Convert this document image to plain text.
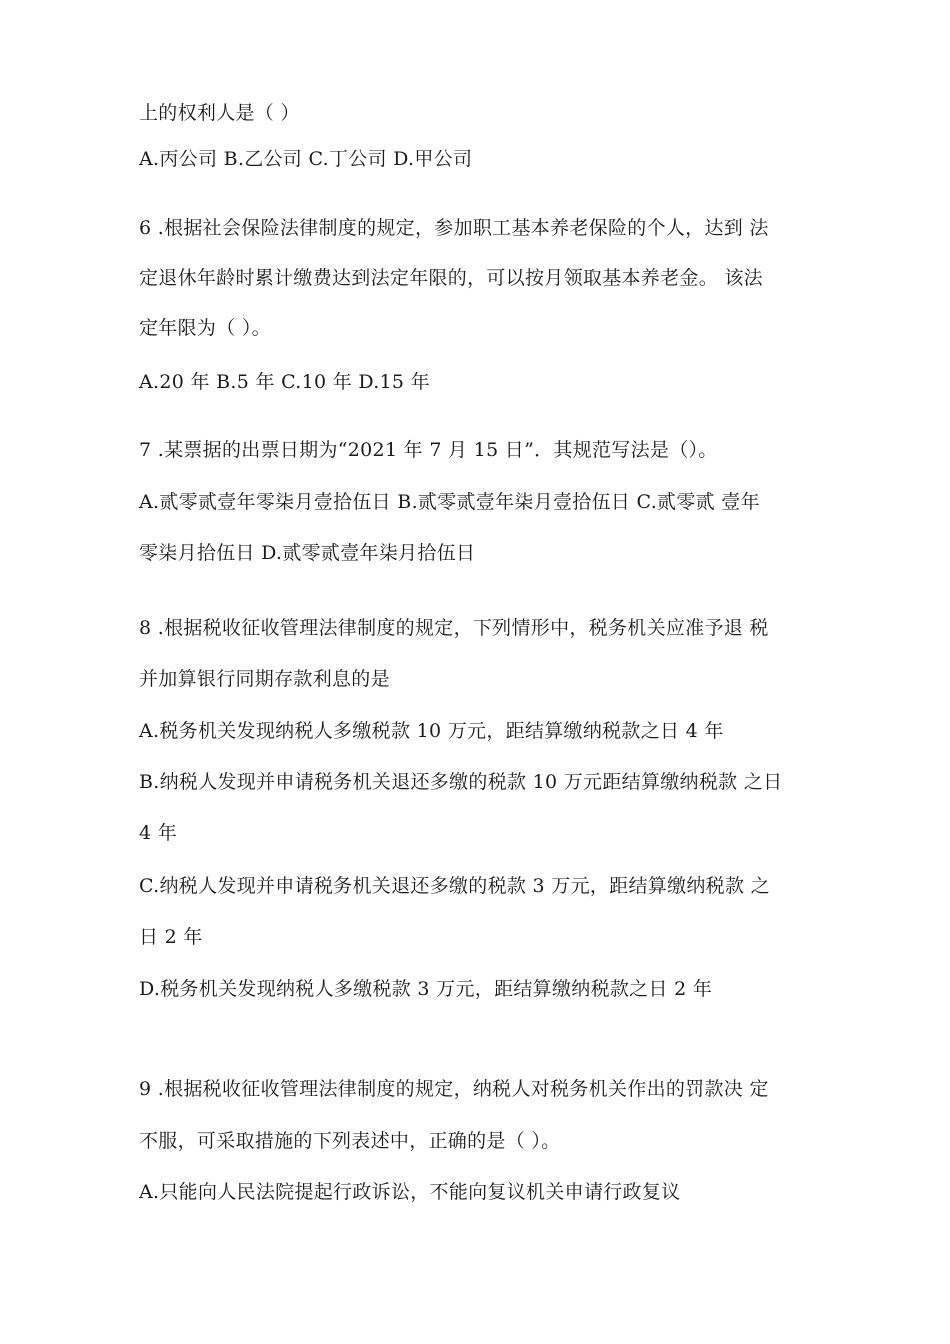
上的权利人是（ ）
A.丙公司 B.乙公司 C.丁公司 D.甲公司
6 .根据社会保险法律制度的规定，参加职工基本养老保险的个人，达到 法
定退休年龄时累计缴费达到法定年限的，可以按月领取基本养老金。 该法
定年限为（ ）。
A.20 年 B.5 年 C.10 年 D.15 年
7 .某票据的出票日期为“2021 年 7 月 15 日”．其规范写法是（）。
A.贰零贰壹年零柒月壹拾伍日 B.贰零贰壹年柒月壹拾伍日 C.贰零贰 壹年
零柒月拾伍日 D.贰零贰壹年柒月拾伍日
8 .根据税收征收管理法律制度的规定，下列情形中，税务机关应准予退 税
并加算银行同期存款利息的是
A.税务机关发现纳税人多缴税款 10 万元，距结算缴纳税款之日 4 年
B.纳税人发现并申请税务机关退还多缴的税款 10 万元距结算缴纳税款 之日
4 年
C.纳税人发现并申请税务机关退还多缴的税款 3 万元，距结算缴纳税款 之
日 2 年
D.税务机关发现纳税人多缴税款 3 万元，距结算缴纳税款之日 2 年
9 .根据税收征收管理法律制度的规定，纳税人对税务机关作出的罚款决 定
不服，可采取措施的下列表述中，正确的是（ ）。
A.只能向人民法院提起行政诉讼，不能向复议机关申请行政复议
